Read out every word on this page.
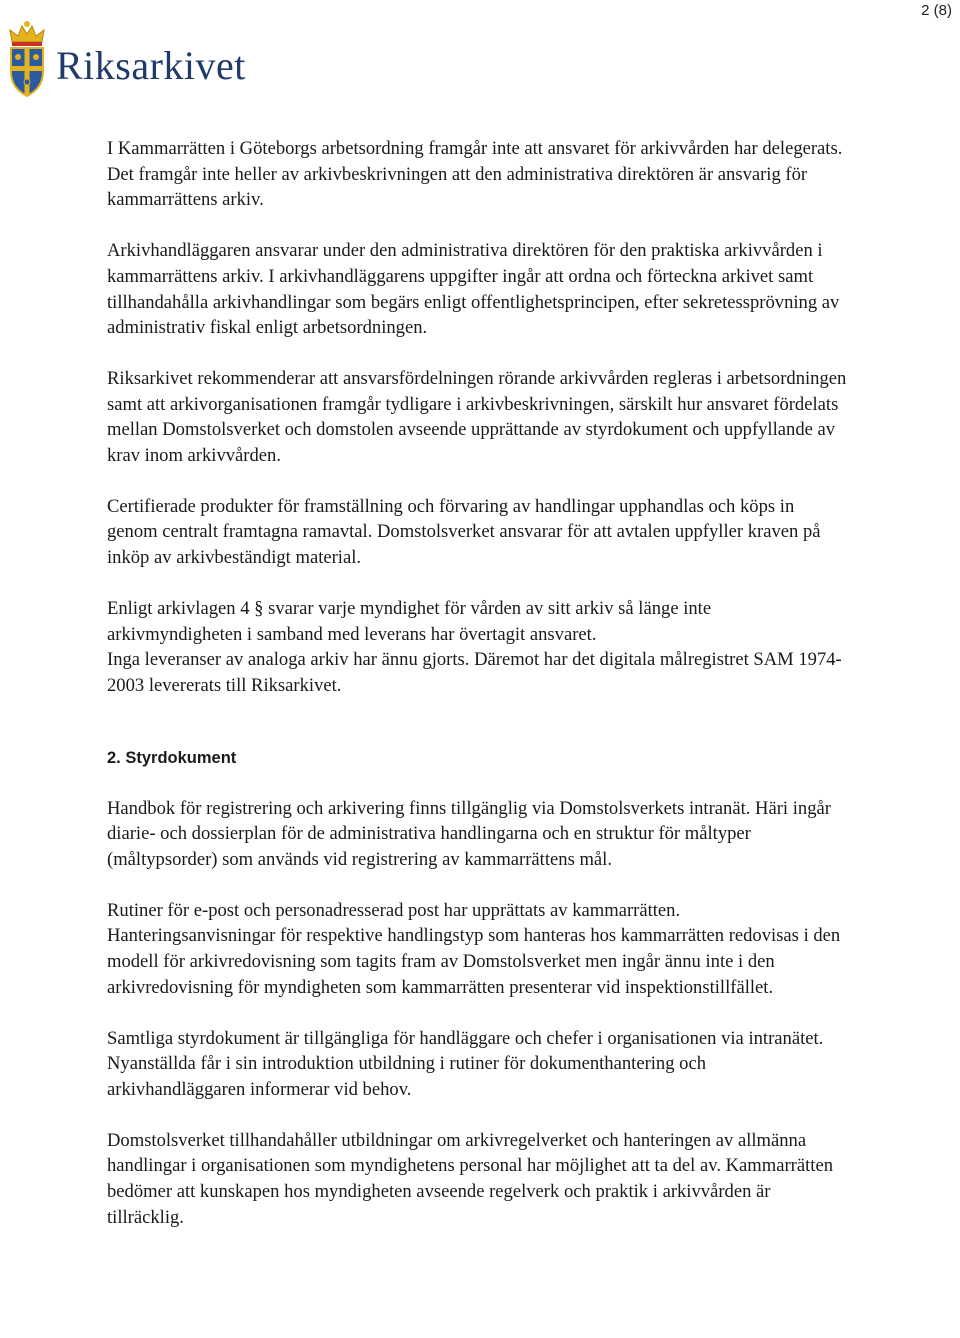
2 (8)
Riksarkivet

I Kammarrätten i Göteborgs arbetsordning framgår inte att ansvaret för arkivvården har delegerats. Det framgår inte heller av arkivbeskrivningen att den administrativa direktören är ansvarig för kammarrättens arkiv.

Arkivhandläggaren ansvarar under den administrativa direktören för den praktiska arkivvården i kammarrättens arkiv. I arkivhandläggarens uppgifter ingår att ordna och förteckna arkivet samt tillhandahålla arkivhandlingar som begärs enligt offentlighetsprincipen, efter sekretessprövning av administrativ fiskal enligt arbetsordningen.

Riksarkivet rekommenderar att ansvarsfördelningen rörande arkivvården regleras i arbetsordningen samt att arkivorganisationen framgår tydligare i arkivbeskrivningen, särskilt hur ansvaret fördelats mellan Domstolsverket och domstolen avseende upprättande av styrdokument och uppfyllande av krav inom arkivvården.

Certifierade produkter för framställning och förvaring av handlingar upphandlas och köps in genom centralt framtagna ramavtal. Domstolsverket ansvarar för att avtalen uppfyller kraven på inköp av arkivbeständigt material.

Enligt arkivlagen 4 § svarar varje myndighet för vården av sitt arkiv så länge inte arkivmyndigheten i samband med leverans har övertagit ansvaret.

Inga leveranser av analoga arkiv har ännu gjorts. Däremot har det digitala målregistret SAM 1974-2003 levererats till Riksarkivet.

2. Styrdokument

Handbok för registrering och arkivering finns tillgänglig via Domstolsverkets intranät. Häri ingår diarie- och dossierplan för de administrativa handlingarna och en struktur för måltyper (måltypsorder) som används vid registrering av kammarrättens mål.

Rutiner för e-post och personadresserad post har upprättats av kammarrätten. Hanteringsanvisningar för respektive handlingstyp som hanteras hos kammarrätten redovisas i den modell för arkivredovisning som tagits fram av Domstolsverket men ingår ännu inte i den arkivredovisning för myndigheten som kammarrätten presenterar vid inspektionstillfället.

Samtliga styrdokument är tillgängliga för handläggare och chefer i organisationen via intranätet. Nyanställda får i sin introduktion utbildning i rutiner för dokumenthantering och arkivhandläggaren informerar vid behov.

Domstolsverket tillhandahåller utbildningar om arkivregelverket och hanteringen av allmänna handlingar i organisationen som myndighetens personal har möjlighet att ta del av. Kammarrätten bedömer att kunskapen hos myndigheten avseende regelverk och praktik i arkivvården är tillräcklig.
